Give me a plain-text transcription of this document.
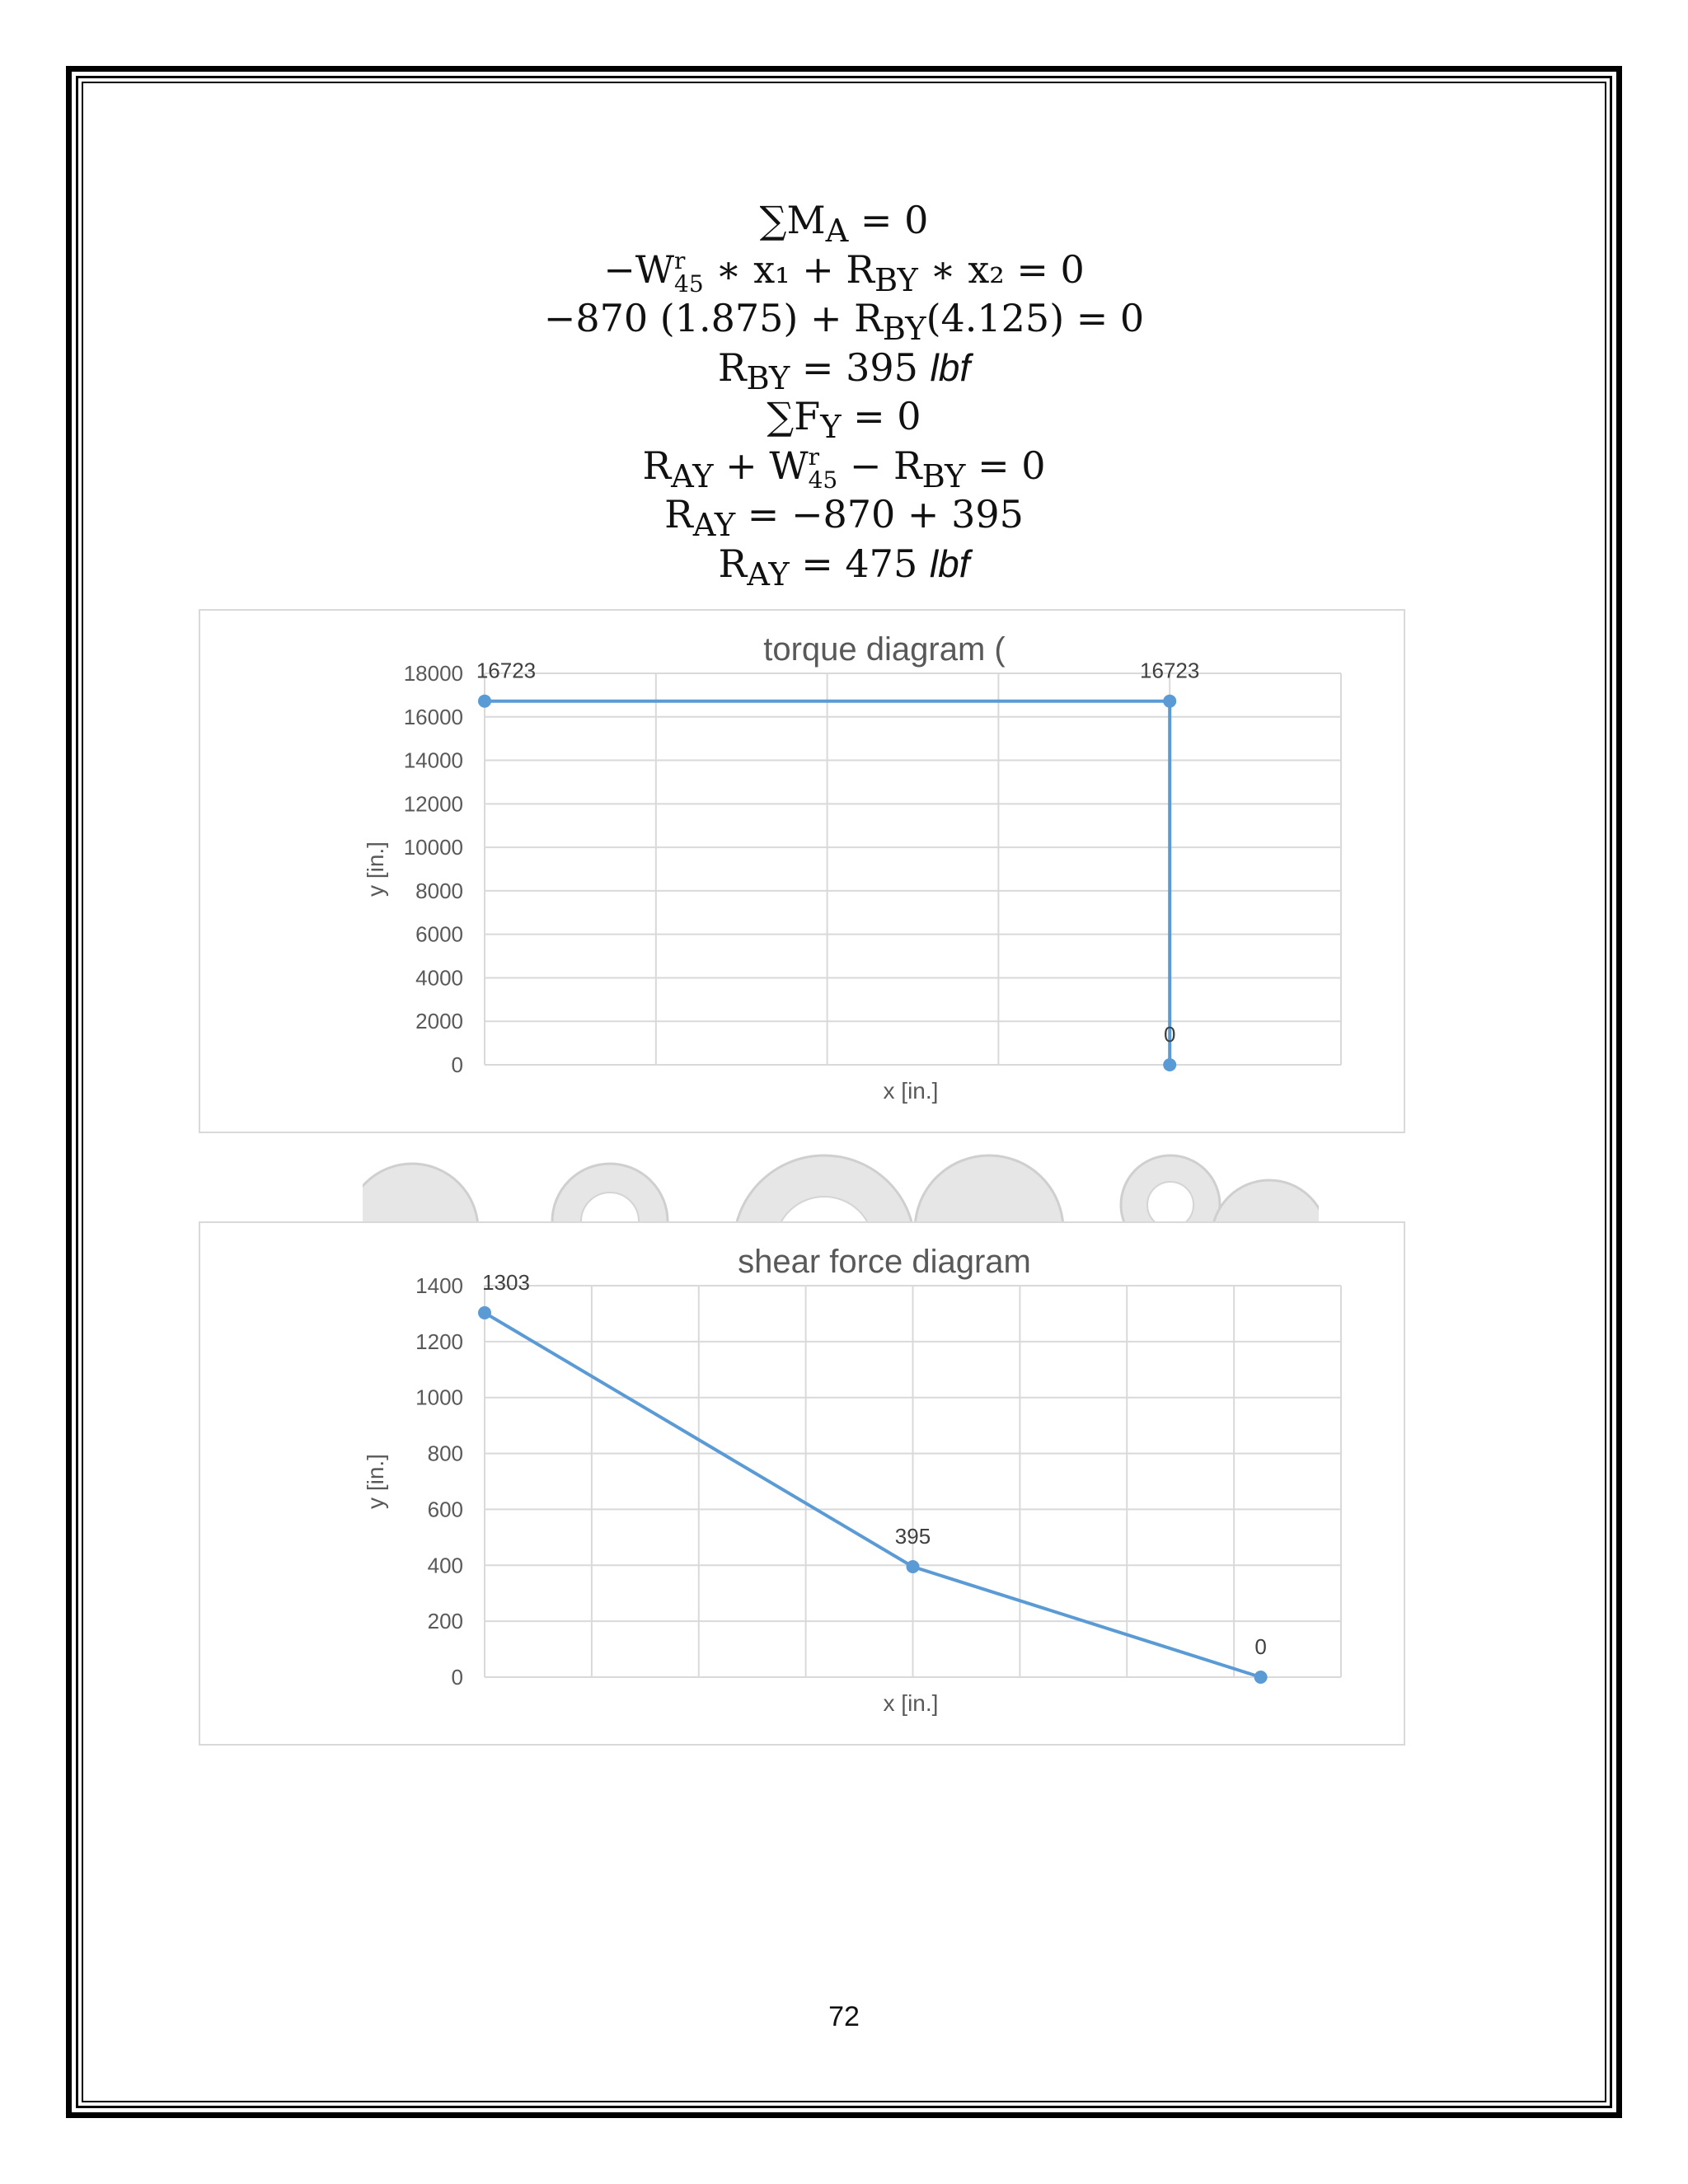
$\sum M_A = 0$
−W r
45 ∗ $x_1 + R_{BY}$ ∗ x₂ = 0
−870 $(1.875) + R_{BY}(4.125) = 0$
$R_{BY} = 395$ lbf
$\sum F_Y = 0$
$R_{AY} + W$ r
$45 - R_{BY} = 0$
$R_{AY} = -870 + 395$
$R_{AY} = 475$ lbf
0
2000
4000
6000
8000
10000
12000
14000
16000
18000
torque diagram (
x [in.]
y [in.]
16723	16723
0
0
200
400
600
800
1000
1200
1400
shear force diagram
x [in.]
y [in.]
1303
395
0
72
